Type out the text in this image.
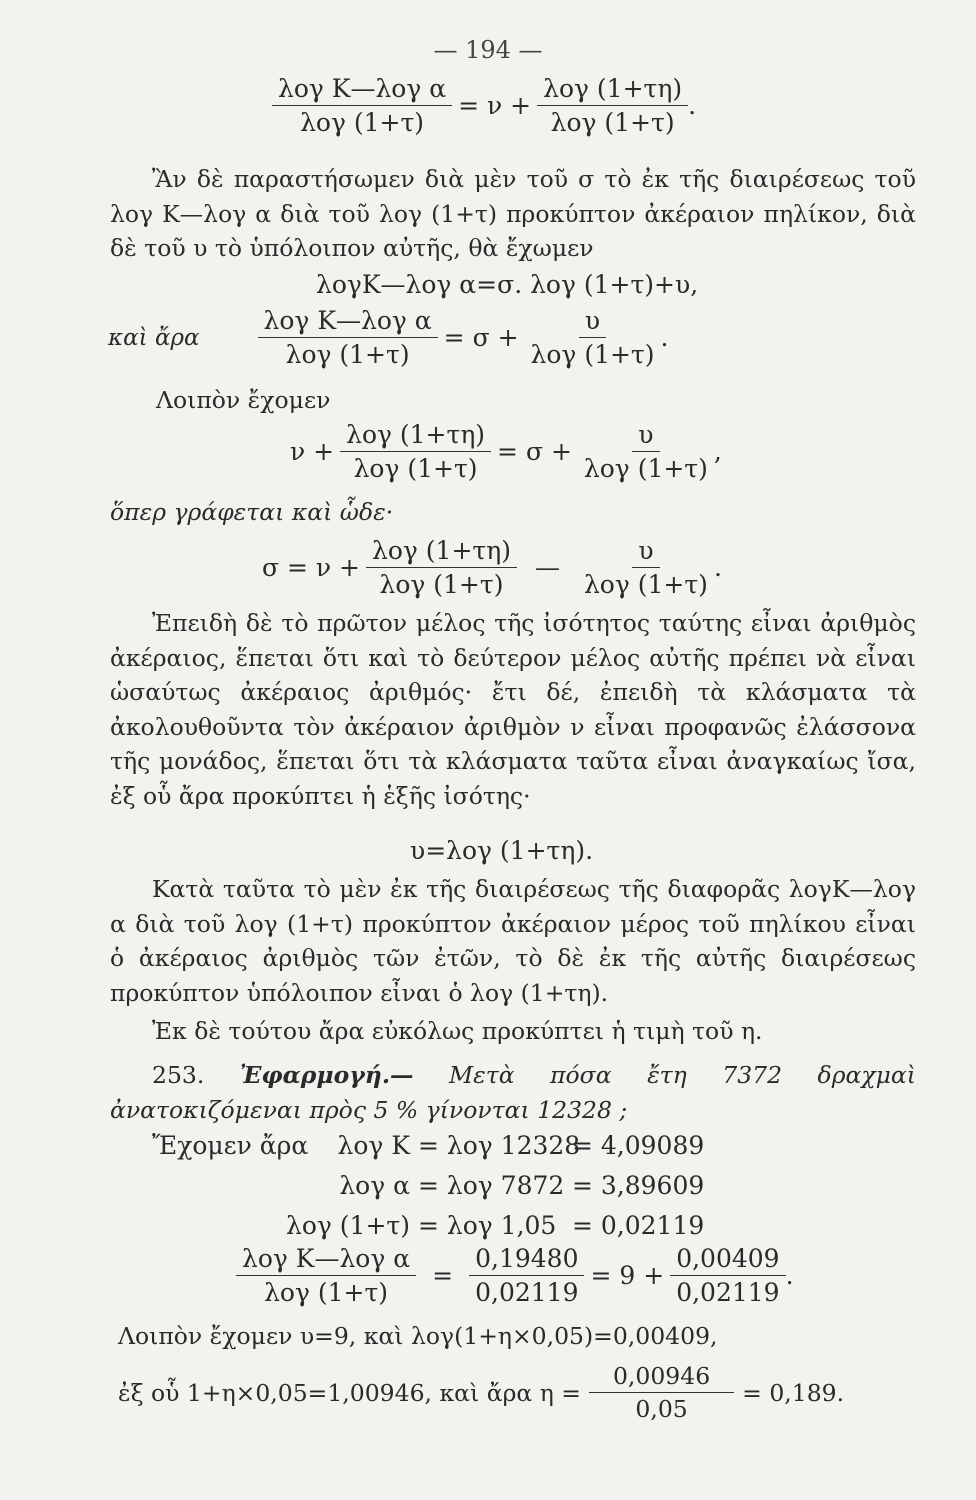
— 194 —
$\frac{\text{λογ K—λογ α}}{\text{λογ (1+τ)}} = \nu + \frac{\text{λογ (1+τη)}}{\text{λογ (1+τ)}}$ .

Ἂν δὲ παραστήσωμεν διὰ μὲν τοῦ σ τὸ ἐκ τῆς διαιρέσεως τοῦ λογ K—λογ α διὰ τοῦ λογ (1+τ) προκύπτον ἀκέραιον πηλίκον, διὰ δὲ τοῦ υ τὸ ὑπόλοιπον αὐτῆς, θὰ ἔχωμεν

λογK—λογ α=σ. λογ (1+τ)+υ,
καὶ ἄρα $\frac{\text{λογ K—λογ α}}{\text{λογ (1+τ)}} = \sigma + \frac{\upsilon}{\text{λογ (1+τ)}}$ .
Λοιπὸν ἔχομεν
$\nu + \frac{\text{λογ (1+τη)}}{\text{λογ (1+τ)}} = \sigma + \frac{\upsilon}{\text{λογ (1+τ)}}$ ,
ὅπερ γράφεται καὶ ὧδε·
$\sigma = \nu + \frac{\text{λογ (1+τη)}}{\text{λογ (1+τ)}}$ — $\frac{\upsilon}{\text{λογ (1+τ)}}$ .

Ἐπειδὴ δὲ τὸ πρῶτον μέλος τῆς ἰσότητος ταύτης εἶναι ἀριθμὸς ἀκέραιος, ἕπεται ὅτι καὶ τὸ δεύτερον μέλος αὐτῆς πρέπει νὰ εἶναι ὡσαύτως ἀκέραιος ἀριθμός· ἔτι δέ, ἐπειδὴ τὰ κλάσματα τὰ ἀκολουθοῦντα τὸν ἀκέραιον ἀριθμὸν ν εἶναι προφανῶς ἐλάσσονα τῆς μονάδος, ἕπεται ὅτι τὰ κλάσματα ταῦτα εἶναι ἀναγκαίως ἴσα, ἐξ οὗ ἄρα προκύπτει ἡ ἑξῆς ἰσότης·

υ=λογ (1+τη).

Κατὰ ταῦτα τὸ μὲν ἐκ τῆς διαιρέσεως τῆς διαφορᾶς λογK—λογ α διὰ τοῦ λογ (1+τ) προκύπτον ἀκέραιον μέρος τοῦ πηλίκου εἶναι ὁ ἀκέραιος ἀριθμὸς τῶν ἐτῶν, τὸ δὲ ἐκ τῆς αὐτῆς διαιρέσεως προκύπτον ὑπόλοιπον εἶναι ὁ λογ (1+τη).

Ἐκ δὲ τούτου ἄρα εὐκόλως προκύπτει ἡ τιμὴ τοῦ η.

253. Ἐφαρμογή.— Μετὰ πόσα ἔτη 7372 δραχμαὶ ἀνατοκιζόμεναι πρὸς 5 % γίνονται 12328 ;

Ἔχομεν ἄρα	λογ K = λογ 12328
= 4,09089
λογ α = λογ 7872 = 3,89609
λογ (1+τ) = λογ 1,05 = 0,02119
$\frac{\text{λογ K—λογ α}}{\text{λογ (1+τ)}} = \frac{0,19480}{0,02119} = 9 + \frac{0,00409}{0,02119}$ .
Λοιπὸν ἔχομεν υ=9, καὶ λογ(1+η×0,05)=0,00409,
ἐξ οὗ 1+η×0,05=1,00946, καὶ ἄρα $\eta = \frac{0,00946}{0,05} = 0,189$.
